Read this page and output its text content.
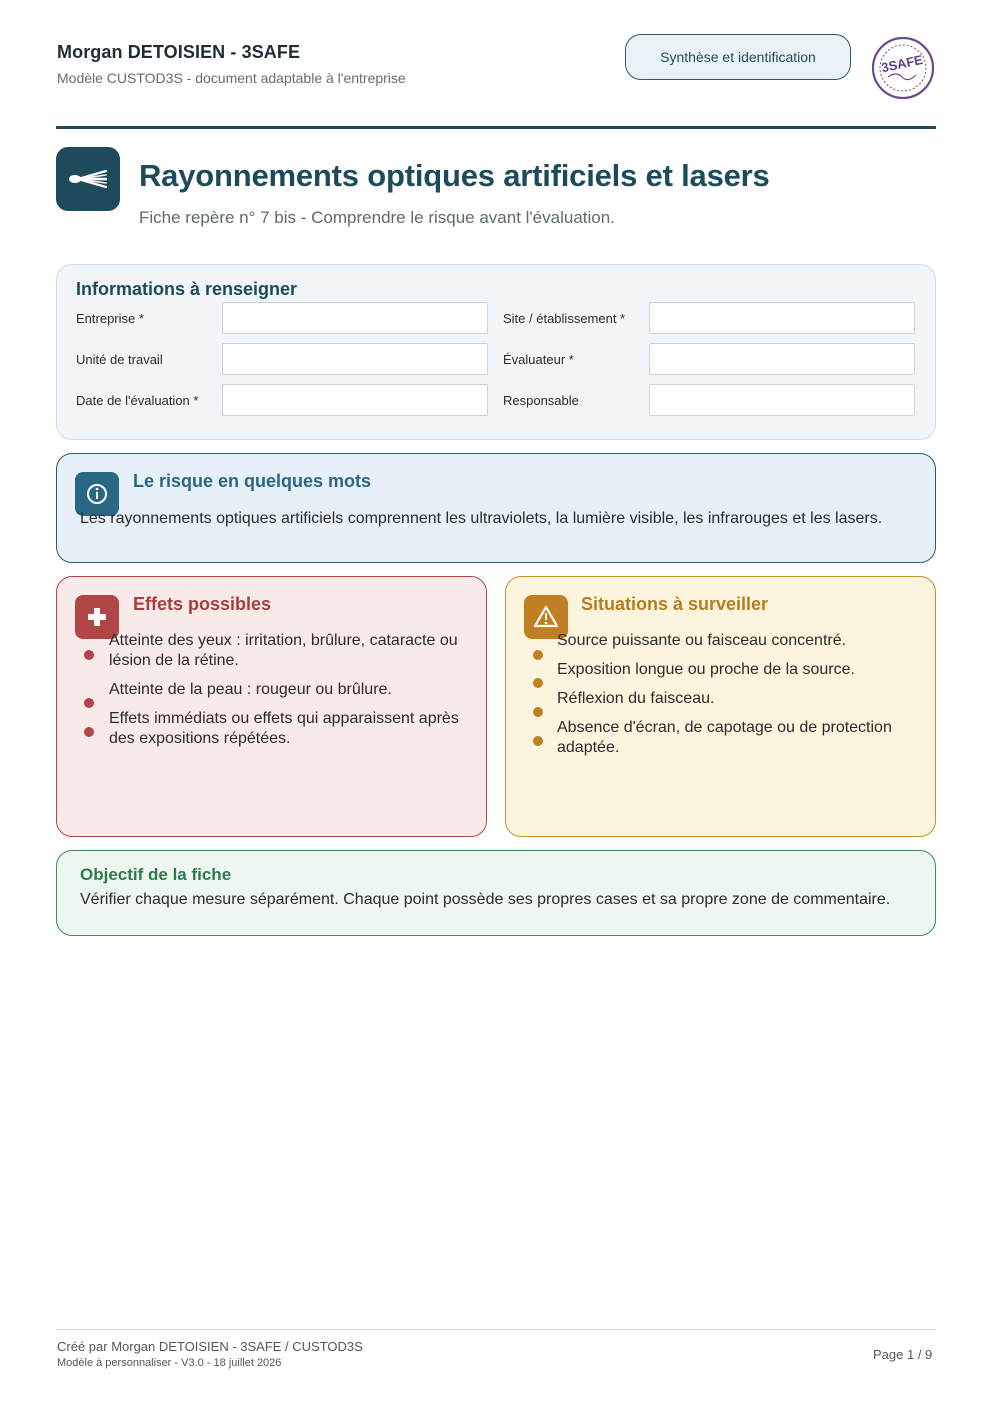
Morgan DETOISIEN - 3SAFE
Modèle CUSTOD3S - document adaptable à l'entreprise
Synthèse et identification	3SAFE
Rayonnements optiques artificiels et lasers
Fiche repère n° 7 bis - Comprendre le risque avant l'évaluation.
Informations à renseigner
Entreprise *	Site / établissement *
Unité de travail	Évaluateur *
Date de l'évaluation *	Responsable
Le risque en quelques mots
Les rayonnements optiques artificiels comprennent les ultraviolets, la lumière visible, les infrarouges et les lasers.
Effets possibles
Atteinte des yeux : irritation, brûlure, cataracte ou lésion de la rétine.
Atteinte de la peau : rougeur ou brûlure.
Effets immédiats ou effets qui apparaissent après des expositions répétées.
Situations à surveiller
Source puissante ou faisceau concentré.
Exposition longue ou proche de la source.
Réflexion du faisceau.
Absence d'écran, de capotage ou de protection adaptée.
Objectif de la fiche
Vérifier chaque mesure séparément. Chaque point possède ses propres cases et sa propre zone de commentaire.
Créé par Morgan DETOISIEN - 3SAFE / CUSTOD3S
Modèle à personnaliser - V3.0 - 18 juillet 2026
Page 1 / 9
